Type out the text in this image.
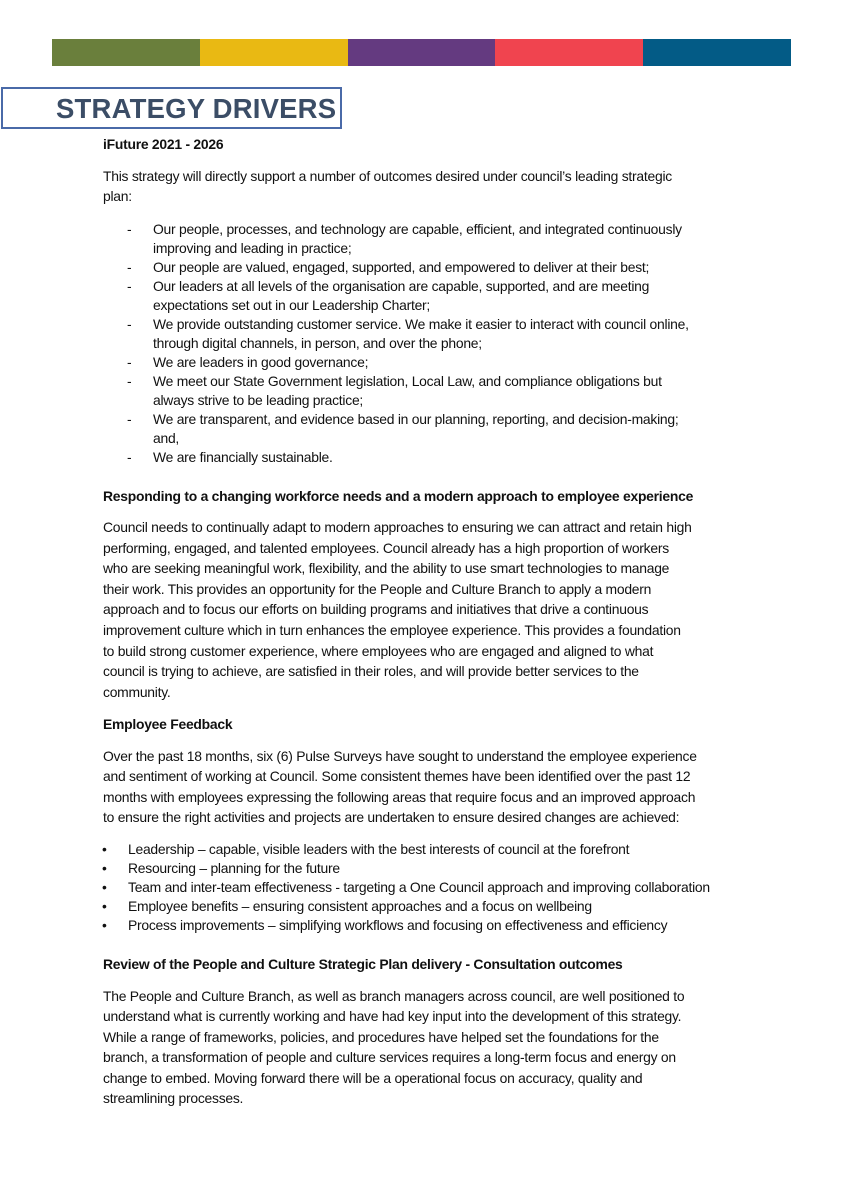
STRATEGY DRIVERS
iFuture 2021 - 2026
This strategy will directly support a number of outcomes desired under council’s leading strategic
plan:
- Our people, processes, and technology are capable, efficient, and integrated continuously
improving and leading in practice;
- Our people are valued, engaged, supported, and empowered to deliver at their best;
- Our leaders at all levels of the organisation are capable, supported, and are meeting
expectations set out in our Leadership Charter;
- We provide outstanding customer service. We make it easier to interact with council online,
through digital channels, in person, and over the phone;
- We are leaders in good governance;
- We meet our State Government legislation, Local Law, and compliance obligations but
always strive to be leading practice;
- We are transparent, and evidence based in our planning, reporting, and decision-making;
and,
- We are financially sustainable.
Responding to a changing workforce needs and a modern approach to employee experience
Council needs to continually adapt to modern approaches to ensuring we can attract and retain high
performing, engaged, and talented employees. Council already has a high proportion of workers
who are seeking meaningful work, flexibility, and the ability to use smart technologies to manage
their work. This provides an opportunity for the People and Culture Branch to apply a modern
approach and to focus our efforts on building programs and initiatives that drive a continuous
improvement culture which in turn enhances the employee experience. This provides a foundation
to build strong customer experience, where employees who are engaged and aligned to what
council is trying to achieve, are satisfied in their roles, and will provide better services to the
community.
Employee Feedback
Over the past 18 months, six (6) Pulse Surveys have sought to understand the employee experience
and sentiment of working at Council. Some consistent themes have been identified over the past 12
months with employees expressing the following areas that require focus and an improved approach
to ensure the right activities and projects are undertaken to ensure desired changes are achieved:
• Leadership – capable, visible leaders with the best interests of council at the forefront
• Resourcing – planning for the future
• Team and inter-team effectiveness - targeting a One Council approach and improving collaboration
• Employee benefits – ensuring consistent approaches and a focus on wellbeing
• Process improvements – simplifying workflows and focusing on effectiveness and efficiency
Review of the People and Culture Strategic Plan delivery - Consultation outcomes
The People and Culture Branch, as well as branch managers across council, are well positioned to
understand what is currently working and have had key input into the development of this strategy.
While a range of frameworks, policies, and procedures have helped set the foundations for the
branch, a transformation of people and culture services requires a long-term focus and energy on
change to embed. Moving forward there will be a operational focus on accuracy, quality and
streamlining processes.
